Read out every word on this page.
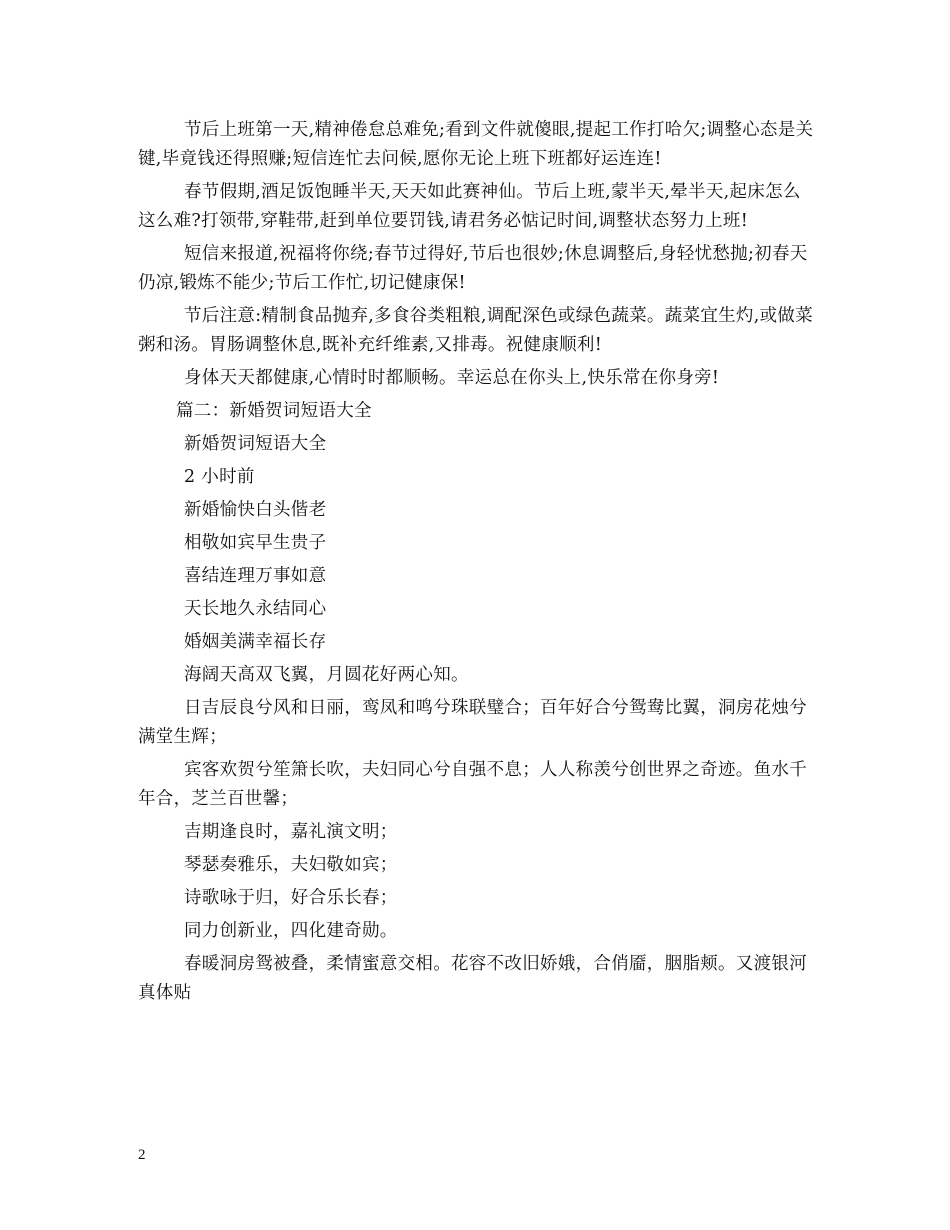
节后上班第一天,精神倦怠总难免;看到文件就傻眼,提起工作打哈欠;调整心态是关键,毕竟钱还得照赚;短信连忙去问候,愿你无论上班下班都好运连连!

春节假期,酒足饭饱睡半天,天天如此赛神仙。节后上班,蒙半天,晕半天,起床怎么这么难?打领带,穿鞋带,赶到单位要罚钱,请君务必惦记时间,调整状态努力上班!

短信来报道,祝福将你绕;春节过得好,节后也很妙;休息调整后,身轻忧愁抛;初春天仍凉,锻炼不能少;节后工作忙,切记健康保!

节后注意:精制食品抛弃,多食谷类粗粮,调配深色或绿色蔬菜。蔬菜宜生灼,或做菜粥和汤。胃肠调整休息,既补充纤维素,又排毒。祝健康顺利!

身体天天都健康,心情时时都顺畅。幸运总在你头上,快乐常在你身旁!

篇二：新婚贺词短语大全

新婚贺词短语大全

2 小时前

新婚愉快白头偕老

相敬如宾早生贵子

喜结连理万事如意

天长地久永结同心

婚姻美满幸福长存

海阔天高双飞翼，月圆花好两心知。

日吉辰良兮风和日丽，鸾凤和鸣兮珠联璧合；百年好合兮鸳鸯比翼，洞房花烛兮满堂生辉；

宾客欢贺兮笙箫长吹，夫妇同心兮自强不息；人人称羡兮创世界之奇迹。鱼水千年合，芝兰百世馨；

吉期逢良时，嘉礼演文明；

琴瑟奏雅乐，夫妇敬如宾；

诗歌咏于归，好合乐长春；

同力创新业，四化建奇勋。

春暖洞房鸳被叠，柔情蜜意交相。花容不改旧娇娥，合俏靥，胭脂颊。又渡银河真体贴

2
